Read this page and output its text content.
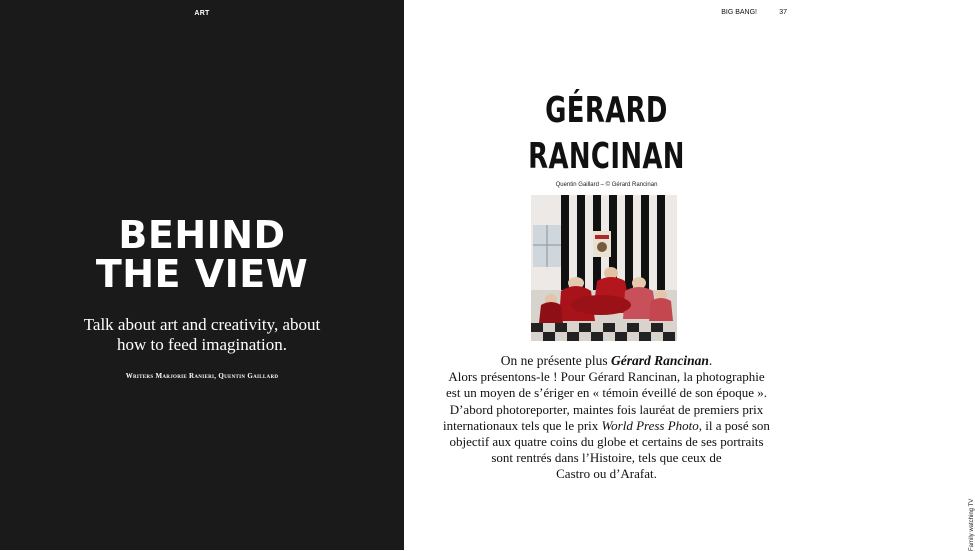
ART
BEHIND
THE VIEW
Talk about art and creativity, about
how to feed imagination.
Writers Marjorie Ranieri, Quentin Gaillard
BIG BANG!	37
GÉRARD
RANCINAN
Quentin Gaillard – © Gérard Rancinan
Family watching TV
On ne présente plus Gérard Rancinan.
Alors présentons-le ! Pour Gérard Rancinan, la photographie
est un moyen de s’ériger en « témoin éveillé de son époque ».
D’abord photoreporter, maintes fois lauréat de premiers prix
internationaux tels que le prix World Press Photo, il a posé son
objectif aux quatre coins du globe et certains de ses portraits
sont rentrés dans l’Histoire, tels que ceux de
Castro ou d’Arafat.
